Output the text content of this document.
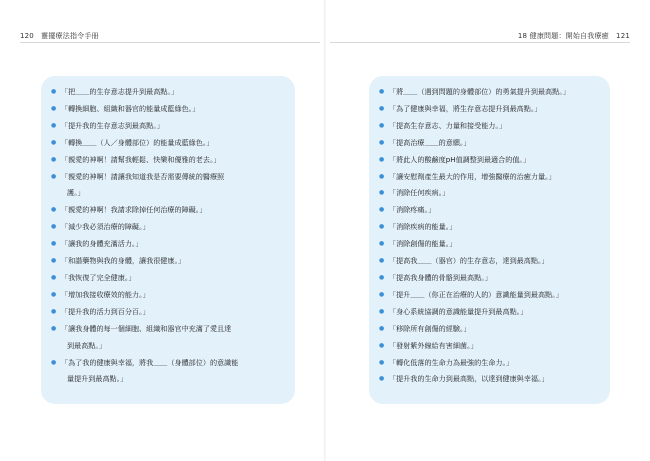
120　靈擺療法指令手冊	18 健康問題：開始自我療癒　121
● 「把＿＿的生存意志提升到最高點。」
● 「轉換細胞、組織和器官的能量成藍綠色。」
● 「提升我的生存意志到最高點。」
● 「轉換＿＿（人／身體部位）的能量成藍綠色。」
● 「親愛的神啊！請幫我輕鬆、快樂和優雅的老去。」
● 「親愛的神啊！請讓我知道我是否需要傳統的醫療照
護。」
● 「親愛的神啊！我請求除掉任何治療的障礙。」
● 「減少我必須治療的障礙。」
● 「讓我的身體充滿活力。」
● 「和諧藥物與我的身體，讓我很健康。」
● 「我恢復了完全健康。」
● 「增加我接收療效的能力。」
● 「提升我的活力到百分百。」
● 「讓我身體的每一個細胞、組織和器官中充滿了愛且達
到最高點。」
● 「為了我的健康與幸福，將我＿＿（身體部位）的意識能
量提升到最高點。」
● 「將＿＿（遇到問題的身體部位）的勇氣提升到最高點。」
● 「為了健康與幸福，將生存意志提升到最高點。」
● 「提高生存意志、力量和接受能力。」
● 「提高治療＿＿的意願。」
● 「將此人的酸鹼度pH值調整到最適合的值。」
● 「讓安慰劑產生最大的作用，增強醫療的治癒力量。」
● 「消除任何疾病。」
● 「消除疼痛。」
● 「消除疾病的能量。」
● 「消除創傷的能量。」
● 「提高我＿＿（器官）的生存意志，達到最高點。」
● 「提高我身體的骨骼到最高點。」
● 「提升＿＿（你正在治療的人的）意識能量到最高點。」
● 「身心系統協調的意識能量提升到最高點。」
● 「移除所有創傷的經驗。」
● 「發射紫外線給有害細菌。」
● 「轉化低落的生命力為最強的生命力。」
● 「提升我的生命力到最高點，以達到健康與幸福。」
